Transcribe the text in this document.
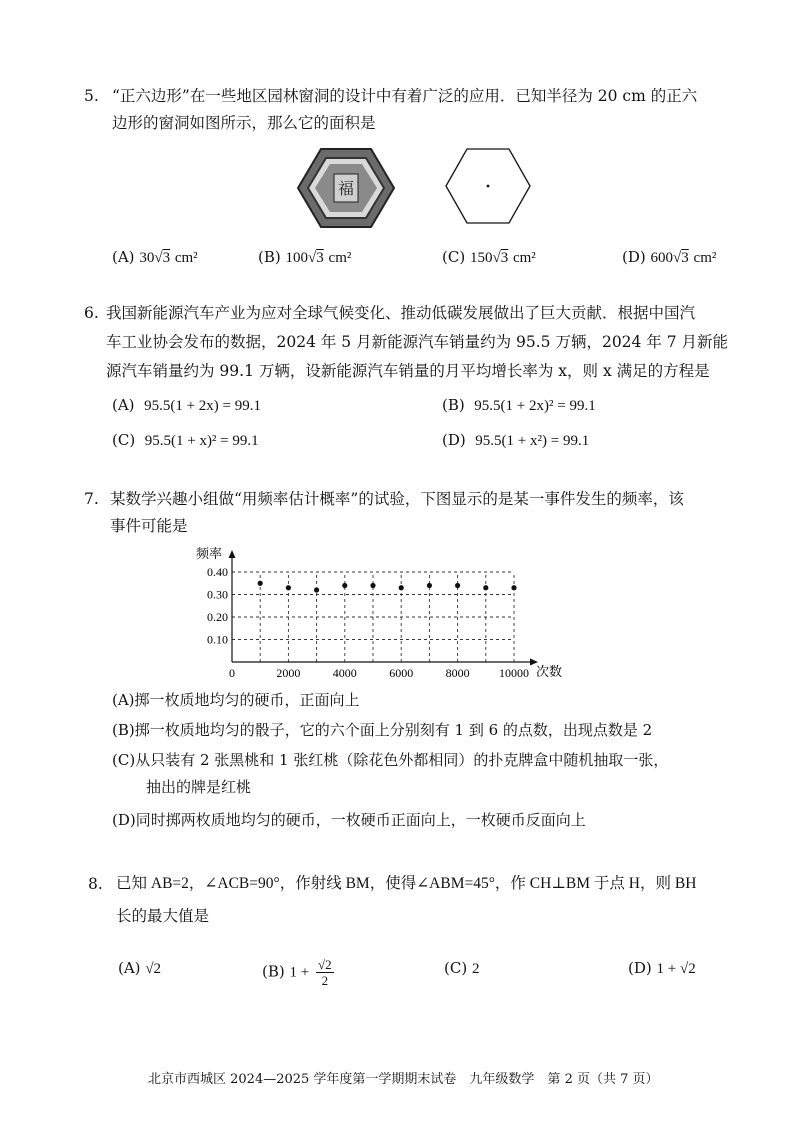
5. “正六边形”在一些地区园林窗洞的设计中有着广泛的应用．已知半径为 20 cm 的正六
边形的窗洞如图所示，那么它的面积是
福
(A) 30√3 cm²	(B) 100√3 cm²	(C) 150√3 cm²	(D) 600√3 cm²
6. 我国新能源汽车产业为应对全球气候变化、推动低碳发展做出了巨大贡献．根据中国汽
车工业协会发布的数据，2024 年 5 月新能源汽车销量约为 95.5 万辆，2024 年 7 月新能
源汽车销量约为 99.1 万辆，设新能源汽车销量的月平均增长率为 x，则 x 满足的方程是
(A) 95.5(1 + 2x) = 99.1	(B) 95.5(1 + 2x)² = 99.1
(C) 95.5(1 + x)² = 99.1	(D) 95.5(1 + x²) = 99.1
7. 某数学兴趣小组做“用频率估计概率”的试验，下图显示的是某一事件发生的频率，该
事件可能是
频率
次数
0.10
0.20
0.30
0.40
0	2000	4000	6000	8000 10000
(A)掷一枚质地均匀的硬币，正面向上
(B)掷一枚质地均匀的骰子，它的六个面上分别刻有 1 到 6 的点数，出现点数是 2
(C)从只装有 2 张黑桃和 1 张红桃（除花色外都相同）的扑克牌盒中随机抽取一张，
抽出的牌是红桃
(D)同时掷两枚质地均匀的硬币，一枚硬币正面向上，一枚硬币反面向上
8. 已知 AB=2，∠ACB=90°，作射线 BM，使得∠ABM=45°，作 CH⊥BM 于点 H，则 BH
长的最大值是
(A) √2	(B) $1 + \frac{√2}{2}$	(C) 2	(D) 1 + √2
北京市西城区 2024—2025 学年度第一学期期末试卷　九年级数学　第 2 页（共 7 页）
